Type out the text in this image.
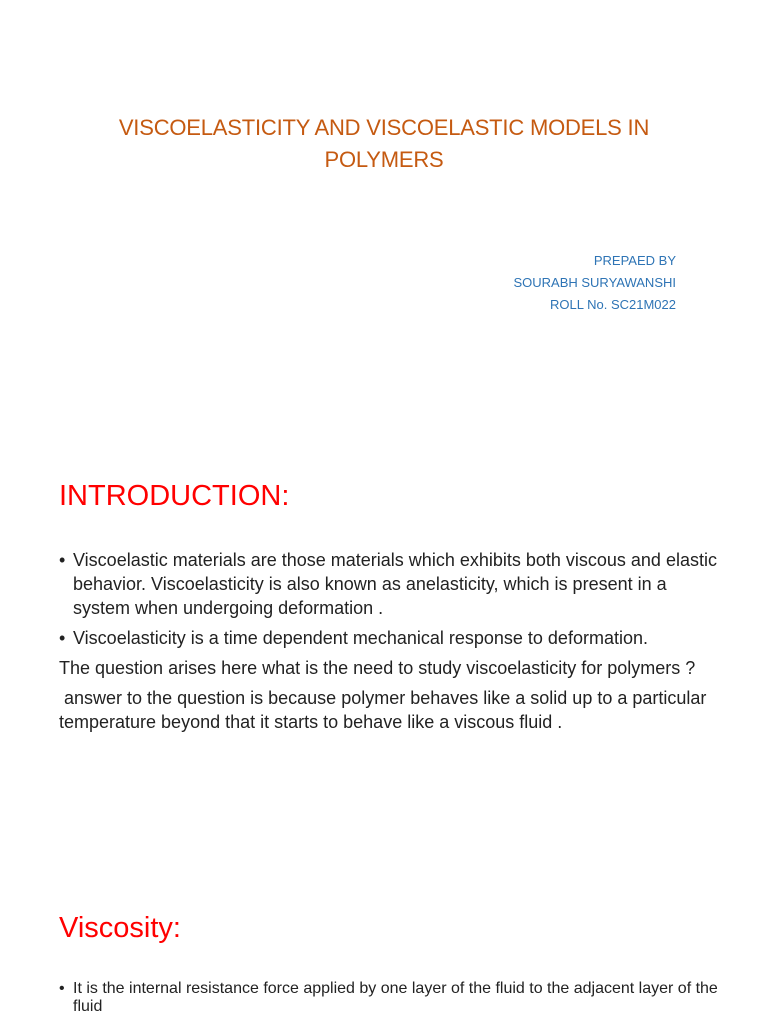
VISCOELASTICITY AND VISCOELASTIC MODELS IN POLYMERS
PREPAED BY
SOURABH SURYAWANSHI
ROLL No. SC21M022
INTRODUCTION:
• Viscoelastic materials are those materials which exhibits both viscous and elastic behavior. Viscoelasticity is also known as anelasticity, which is present in a system when undergoing deformation .
• Viscoelasticity is a time dependent mechanical response to deformation.
The question arises here what is the need to study viscoelasticity for polymers ?
answer to the question is because polymer behaves like a solid up to a particular temperature beyond that it starts to behave like a viscous fluid .
Viscosity:
• It is the internal resistance force applied by one layer of the fluid to the adjacent layer of the fluid
